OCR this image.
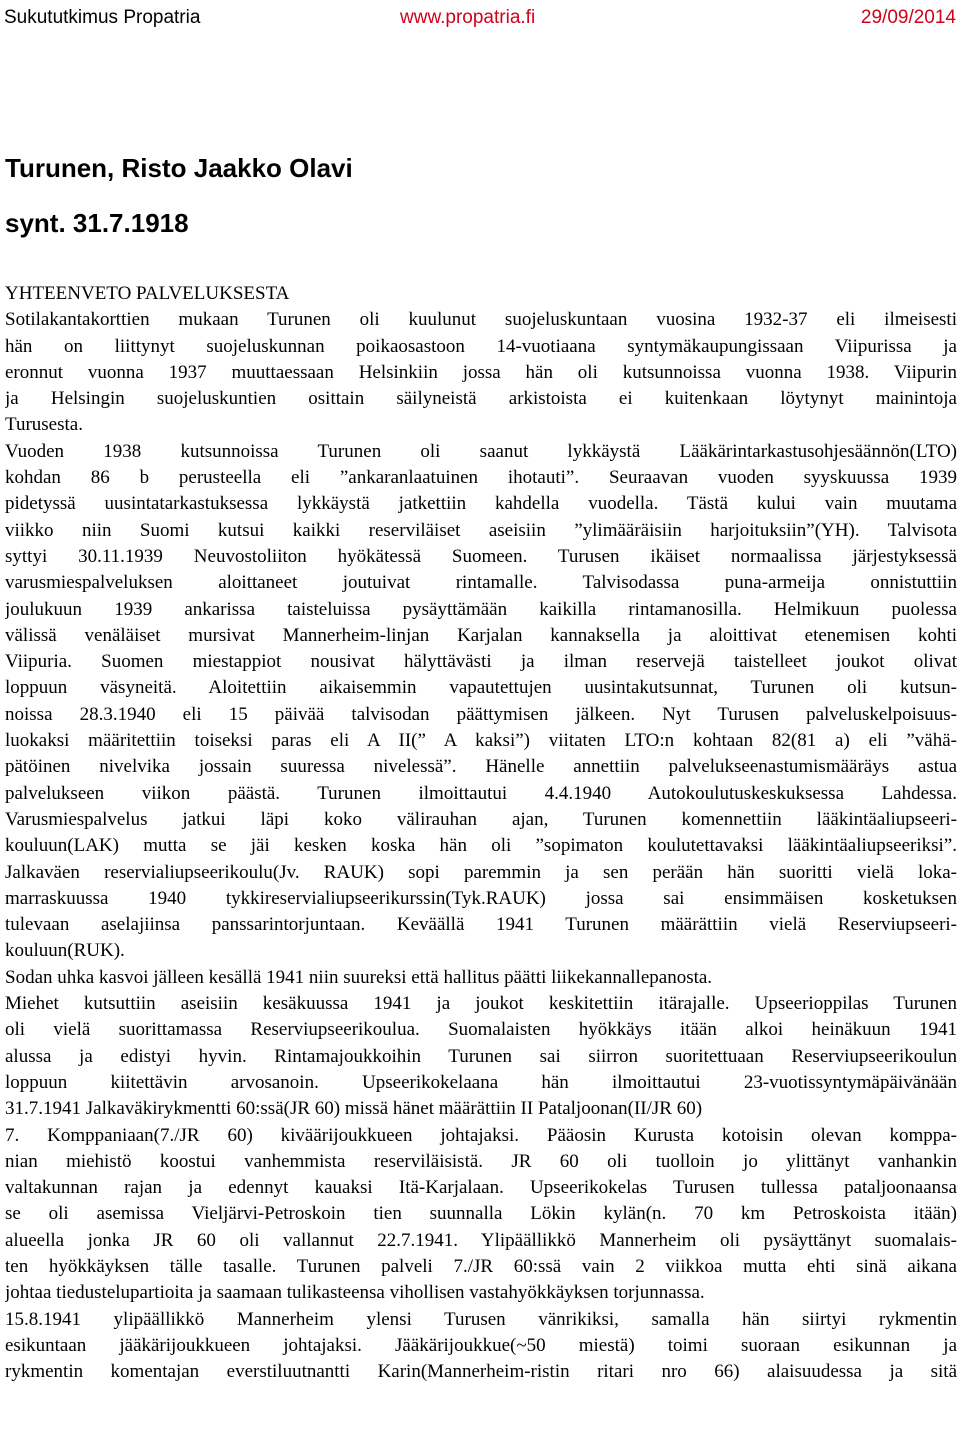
Sukututkimus Propatria	www.propatria.fi	29/09/2014
Turunen, Risto Jaakko Olavi

synt. 31.7.1918

YHTEENVETO PALVELUKSESTA
Sotilakantakorttien mukaan Turunen oli kuulunut suojeluskuntaan vuosina 1932-37 eli ilmeisesti
hän on liittynyt suojeluskunnan poikaosastoon 14-vuotiaana syntymäkaupungissaan Viipurissa ja
eronnut vuonna 1937 muuttaessaan Helsinkiin jossa hän oli kutsunnoissa vuonna 1938. Viipurin
ja Helsingin suojeluskuntien osittain säilyneistä arkistoista ei kuitenkaan löytynyt mainintoja
Turusesta.
Vuoden 1938 kutsunnoissa Turunen oli saanut lykkäystä Lääkärintarkastusohjesäännön(LTO)
kohdan 86 b perusteella eli ”ankaranlaatuinen ihotauti”. Seuraavan vuoden syyskuussa 1939
pidetyssä uusintatarkastuksessa lykkäystä jatkettiin kahdella vuodella. Tästä kului vain muutama
viikko niin Suomi kutsui kaikki reserviläiset aseisiin ”ylimääräisiin harjoituksiin”(YH). Talvisota
syttyi 30.11.1939 Neuvostoliiton hyökätessä Suomeen. Turusen ikäiset normaalissa järjestyksessä
varusmiespalveluksen aloittaneet joutuivat rintamalle. Talvisodassa puna-armeija onnistuttiin
joulukuun 1939 ankarissa taisteluissa pysäyttämään kaikilla rintamanosilla. Helmikuun puolessa
välissä venäläiset mursivat Mannerheim-linjan Karjalan kannaksella ja aloittivat etenemisen kohti
Viipuria. Suomen miestappiot nousivat hälyttävästi ja ilman reservejä taistelleet joukot olivat
loppuun väsyneitä. Aloitettiin aikaisemmin vapautettujen uusintakutsunnat, Turunen oli kutsun-
noissa 28.3.1940 eli 15 päivää talvisodan päättymisen jälkeen. Nyt Turusen palveluskelpoisuus-
luokaksi määritettiin toiseksi paras eli A II(” A kaksi”) viitaten LTO:n kohtaan 82(81 a) eli ”vähä-
pätöinen nivelvika jossain suuressa nivelessä”. Hänelle annettiin palvelukseenastumismääräys astua
palvelukseen viikon päästä. Turunen ilmoittautui 4.4.1940 Autokoulutuskeskuksessa Lahdessa.
Varusmiespalvelus jatkui läpi koko välirauhan ajan, Turunen komennettiin lääkintäaliupseeri-
kouluun(LAK) mutta se jäi kesken koska hän oli ”sopimaton koulutettavaksi lääkintäaliupseeriksi”.
Jalkaväen reservialiupseerikoulu(Jv. RAUK) sopi paremmin ja sen perään hän suoritti vielä loka-
marraskuussa 1940 tykkireservialiupseerikurssin(Tyk.RAUK) jossa sai ensimmäisen kosketuksen
tulevaan aselajiinsa panssarintorjuntaan. Keväällä 1941 Turunen määrättiin vielä Reserviupseeri-
kouluun(RUK).
Sodan uhka kasvoi jälleen kesällä 1941 niin suureksi että hallitus päätti liikekannallepanosta.
Miehet kutsuttiin aseisiin kesäkuussa 1941 ja joukot keskitettiin itärajalle. Upseerioppilas Turunen
oli vielä suorittamassa Reserviupseerikoulua. Suomalaisten hyökkäys itään alkoi heinäkuun 1941
alussa ja edistyi hyvin. Rintamajoukkoihin Turunen sai siirron suoritettuaan Reserviupseerikoulun
loppuun kiitettävin arvosanoin. Upseerikokelaana hän ilmoittautui 23-vuotissyntymäpäivänään
31.7.1941 Jalkaväkirykmentti 60:ssä(JR 60) missä hänet määrättiin II Pataljoonan(II/JR 60)
7. Komppaniaan(7./JR 60) kiväärijoukkueen johtajaksi. Pääosin Kurusta kotoisin olevan komppa-
nian miehistö koostui vanhemmista reserviläisistä. JR 60 oli tuolloin jo ylittänyt vanhankin
valtakunnan rajan ja edennyt kauaksi Itä-Karjalaan. Upseerikokelas Turusen tullessa pataljoonaansa
se oli asemissa Vieljärvi-Petroskoin tien suunnalla Lökin kylän(n. 70 km Petroskoista itään)
alueella jonka JR 60 oli vallannut 22.7.1941. Ylipäällikkö Mannerheim oli pysäyttänyt suomalais-
ten hyökkäyksen tälle tasalle. Turunen palveli 7./JR 60:ssä vain 2 viikkoa mutta ehti sinä aikana
johtaa tiedustelupartioita ja saamaan tulikasteensa vihollisen vastahyökkäyksen torjunnassa.
15.8.1941 ylipäällikkö Mannerheim ylensi Turusen vänrikiksi, samalla hän siirtyi rykmentin
esikuntaan jääkärijoukkueen johtajaksi. Jääkärijoukkue(~50 miestä) toimi suoraan esikunnan ja
rykmentin komentajan everstiluutnantti Karin(Mannerheim-ristin ritari nro 66) alaisuudessa ja sitä
